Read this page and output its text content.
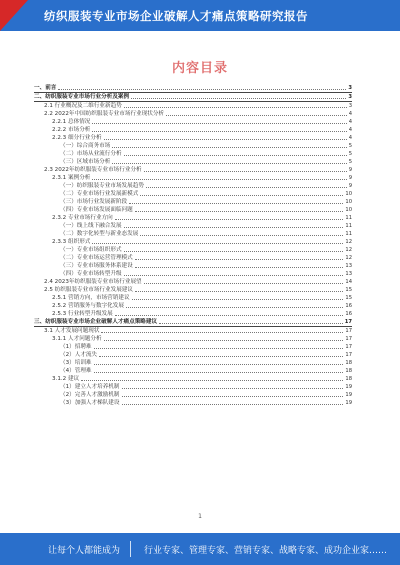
纺织服装专业市场企业破解人才痛点策略研究报告
内容目录
一、前言	3
二、纺织服装专业市场行业分析及案例	3
2.1 行业概况及二维行业新趋势	3
2.2 2022年中国纺织服装专业市场行业现状分析	4
2.2.1 总体情况	4
2.2.2 市场分析	4
2.2.3 细分行业分析	4
（一）综合商务市场	5
（二）市场从业流行分析	5
（三）区域市场分析	5
2.3 2022年纺织服装专业市场行业分析	9
2.3.1 案例分析	9
（一）纺织服装专业市场发展趋势	9
（二）专业市场行业发展新模式	10
（三）市场行业发展新阶段	10
（四）专业市场发展面临问题	10
2.3.2 专业市场行业方向	11
（一）线上线下融合发展	11
（二）数字化转型与新业态发展	11
2.3.3 组织形式	12
（一）专业市场组织形式	12
（二）专业市场运营管理模式	12
（三）专业市场服务体系建设	13
（四）专业市场转型升级	13
2.4 2023年纺织服装专业市场行业展望	14
2.5 纺织服装专业市场行业发展建议	15
2.5.1 营销方向，市场营销建议	15
2.5.2 营销服务与数字化发展	16
2.5.3 行业转型升级发展	16
三、纺织服装专业市场企业破解人才痛点策略建议	17
3.1 人才发展问题现状	17
3.1.1 人才问题分析	17
（1）招聘难	17
（2）人才流失	17
（3）培训难	18
（4）管理难	18
3.1.2 建议	18
（1）建立人才培养机制	19
（2）完善人才激励机制	19
（3）加强人才梯队建设	19
1
让每个人都能成为	行业专家、管理专家、营销专家、战略专家、成功企业家……
